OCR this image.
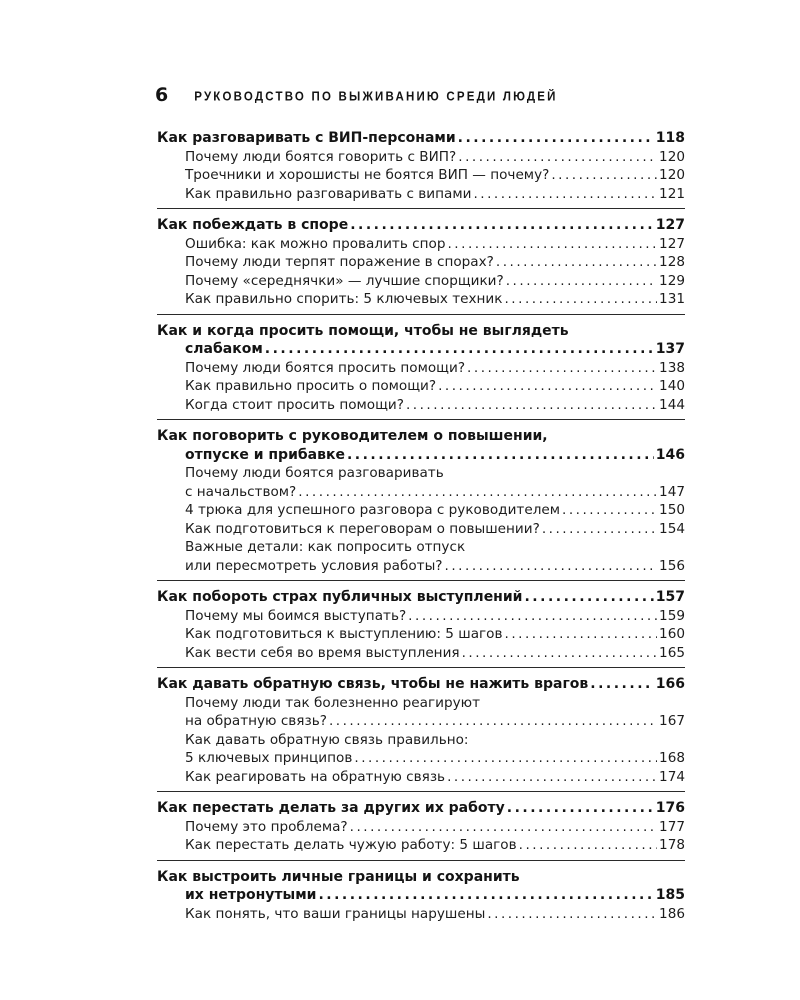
6 РУКОВОДСТВО ПО ВЫЖИВАНИЮ СРЕДИ ЛЮДЕЙ
Как разговаривать с ВИП-персонами .....	118
Почему люди боятся говорить с ВИП? .....	120
Троечники и хорошисты не боятся ВИП — почему? .....	120
Как правильно разговаривать с випами .....	121
Как побеждать в споре .....	127
Ошибка: как можно провалить спор .....	127
Почему люди терпят поражение в спорах? .....	128
Почему «середнячки» — лучшие спорщики? .....	129
Как правильно спорить: 5 ключевых техник .....	131
Как и когда просить помощи, чтобы не выглядеть
слабаком .....	137
Почему люди боятся просить помощи? .....	138
Как правильно просить о помощи? .....	140
Когда стоит просить помощи? .....	144
Как поговорить с руководителем о повышении,
отпуске и прибавке .....	146
Почему люди боятся разговаривать
с начальством? .....	147
4 трюка для успешного разговора с руководителем .....	150
Как подготовиться к переговорам о повышении? .....	154
Важные детали: как попросить отпуск
или пересмотреть условия работы? .....	156
Как побороть страх публичных выступлений .....	157
Почему мы боимся выступать? .....	159
Как подготовиться к выступлению: 5 шагов .....	160
Как вести себя во время выступления .....	165
Как давать обратную связь, чтобы не нажить врагов .....	166
Почему люди так болезненно реагируют
на обратную связь? .....	167
Как давать обратную связь правильно:
5 ключевых принципов .....	168
Как реагировать на обратную связь .....	174
Как перестать делать за других их работу .....	176
Почему это проблема? .....	177
Как перестать делать чужую работу: 5 шагов .....	178
Как выстроить личные границы и сохранить
их нетронутыми .....	185
Как понять, что ваши границы нарушены .....	186
